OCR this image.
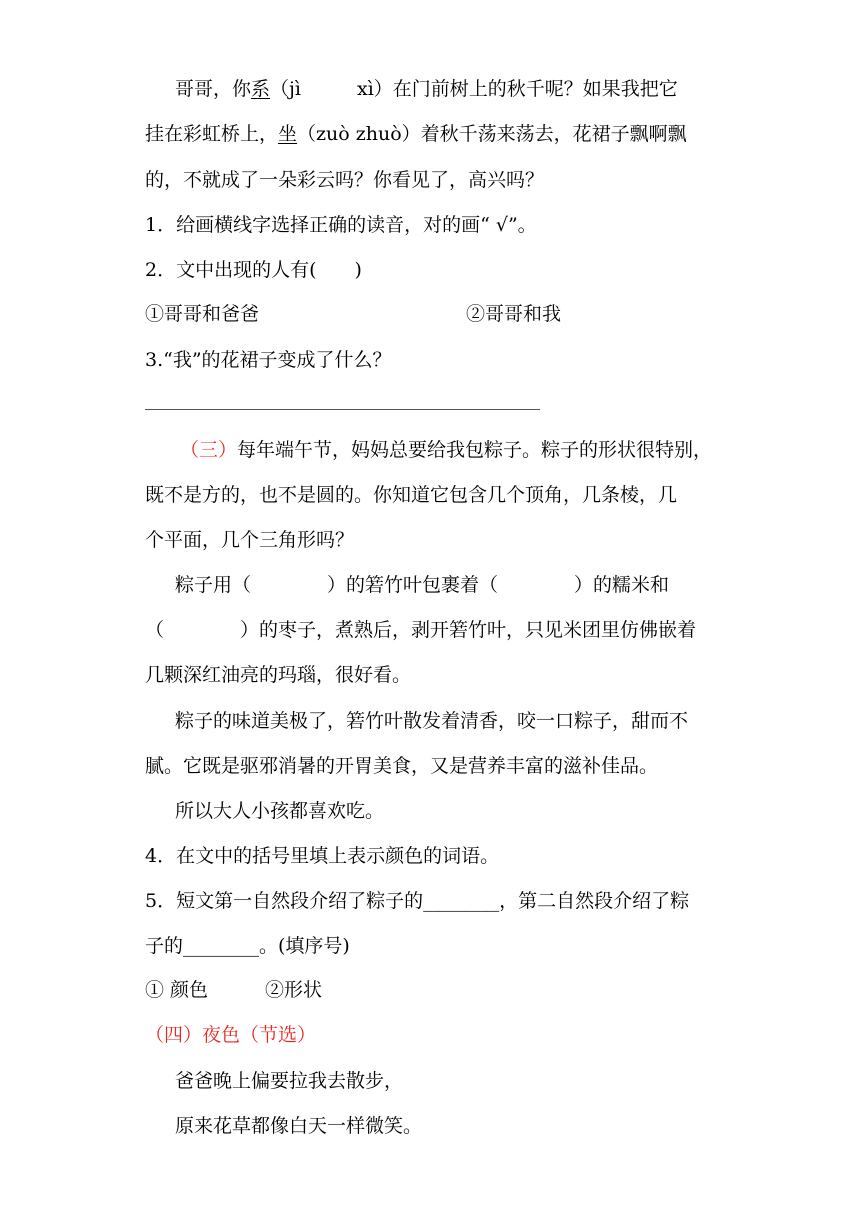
哥哥，你系（jì	xì）在门前树上的秋千呢？如果我把它
挂在彩虹桥上，坐（zuò zhuò）着秋千荡来荡去，花裙子飘啊飘
的，不就成了一朵彩云吗？你看见了，高兴吗？
1．给画横线字选择正确的读音，对的画“ √”。
2．文中出现的人有(　　)
①哥哥和爸爸	②哥哥和我
3.“我”的花裙子变成了什么？
（三）每年端午节，妈妈总要给我包粽子。粽子的形状很特别，
既不是方的，也不是圆的。你知道它包含几个顶角，几条棱，几
个平面，几个三角形吗？
粽子用（　　　　）的箬竹叶包裹着（　　　　）的糯米和
（　　　　）的枣子，煮熟后，剥开箬竹叶，只见米团里仿佛嵌着
几颗深红油亮的玛瑙，很好看。
粽子的味道美极了，箬竹叶散发着清香，咬一口粽子，甜而不
腻。它既是驱邪消暑的开胃美食，又是营养丰富的滋补佳品。
所以大人小孩都喜欢吃。
4．在文中的括号里填上表示颜色的词语。
5．短文第一自然段介绍了粽子的________，第二自然段介绍了粽
子的________。(填序号)
① 颜色　　　②形状
（四）夜色（节选）
爸爸晚上偏要拉我去散步，
原来花草都像白天一样微笑。
